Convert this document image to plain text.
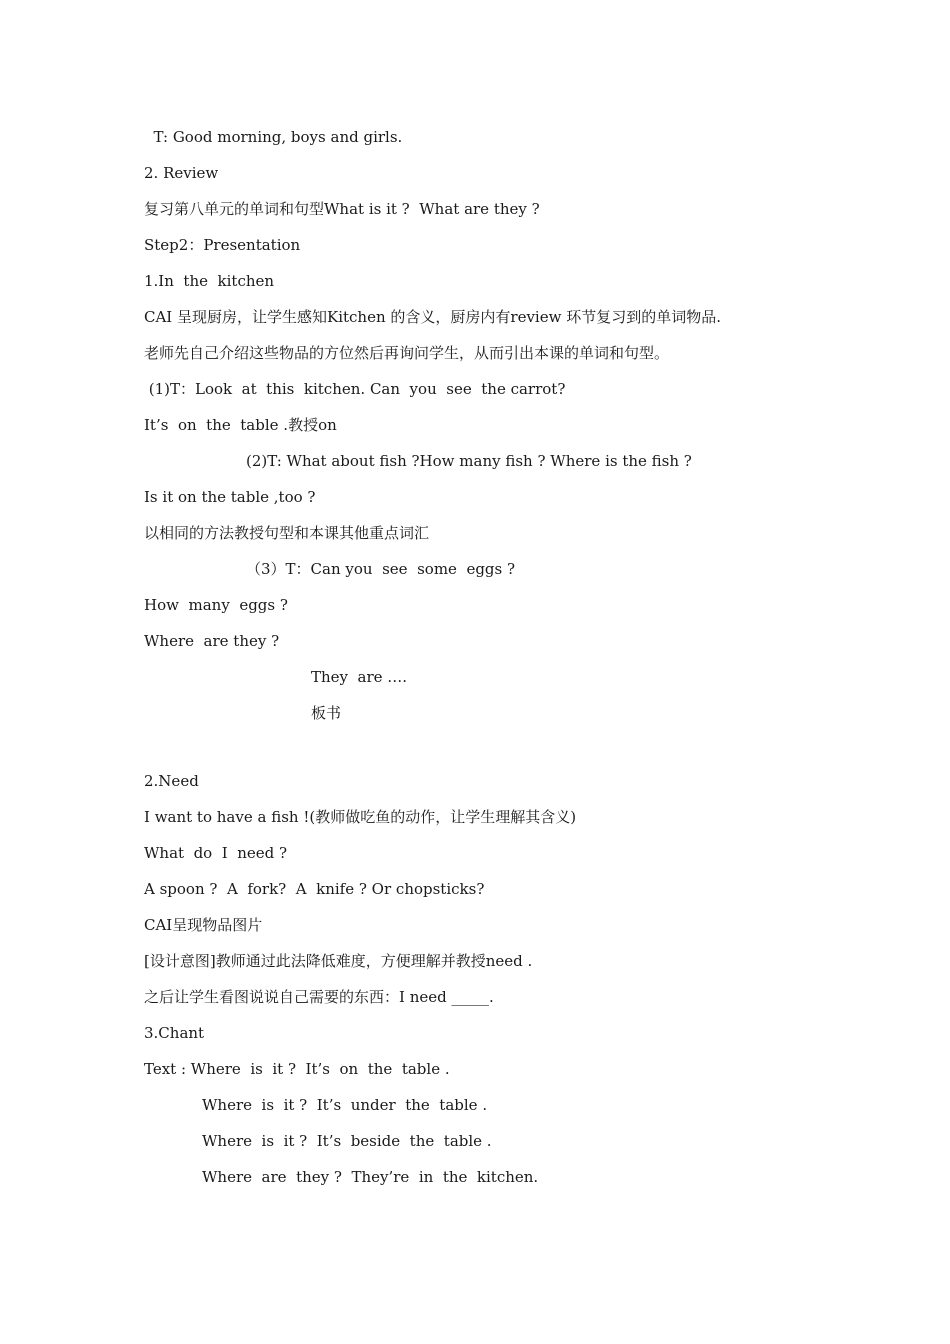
T: Good morning, boys and girls.

2. Review

复习第八单元的单词和句型What is it ?  What are they ?

Step2：Presentation

1.In  the  kitchen

CAI 呈现厨房，让学生感知Kitchen 的含义，厨房内有review 环节复习到的单词物品.

老师先自己介绍这些物品的方位然后再询问学生，从而引出本课的单词和句型。

(1)T：Look  at  this  kitchen. Can  you  see  the carrot?

It’s  on  the  table .教授on

(2)T: What about fish ?How many fish ? Where is the fish ?

Is it on the table ,too ?

以相同的方法教授句型和本课其他重点词汇

（3）T：Can you  see  some  eggs ?

How  many  eggs ?

Where  are they ?

They  are ….

板书

2.Need

I want to have a fish !(教师做吃鱼的动作，让学生理解其含义)

What  do  I  need ?

A spoon ?  A  fork?  A  knife ? Or chopsticks?

CAI呈现物品图片

[设计意图]教师通过此法降低难度，方便理解并教授need .

之后让学生看图说说自己需要的东西：I need _____.

3.Chant

Text : Where  is  it ?  It’s  on  the  table .

Where  is  it ?  It’s  under  the  table .

Where  is  it ?  It’s  beside  the  table .

Where  are  they ?  They’re  in  the  kitchen.
